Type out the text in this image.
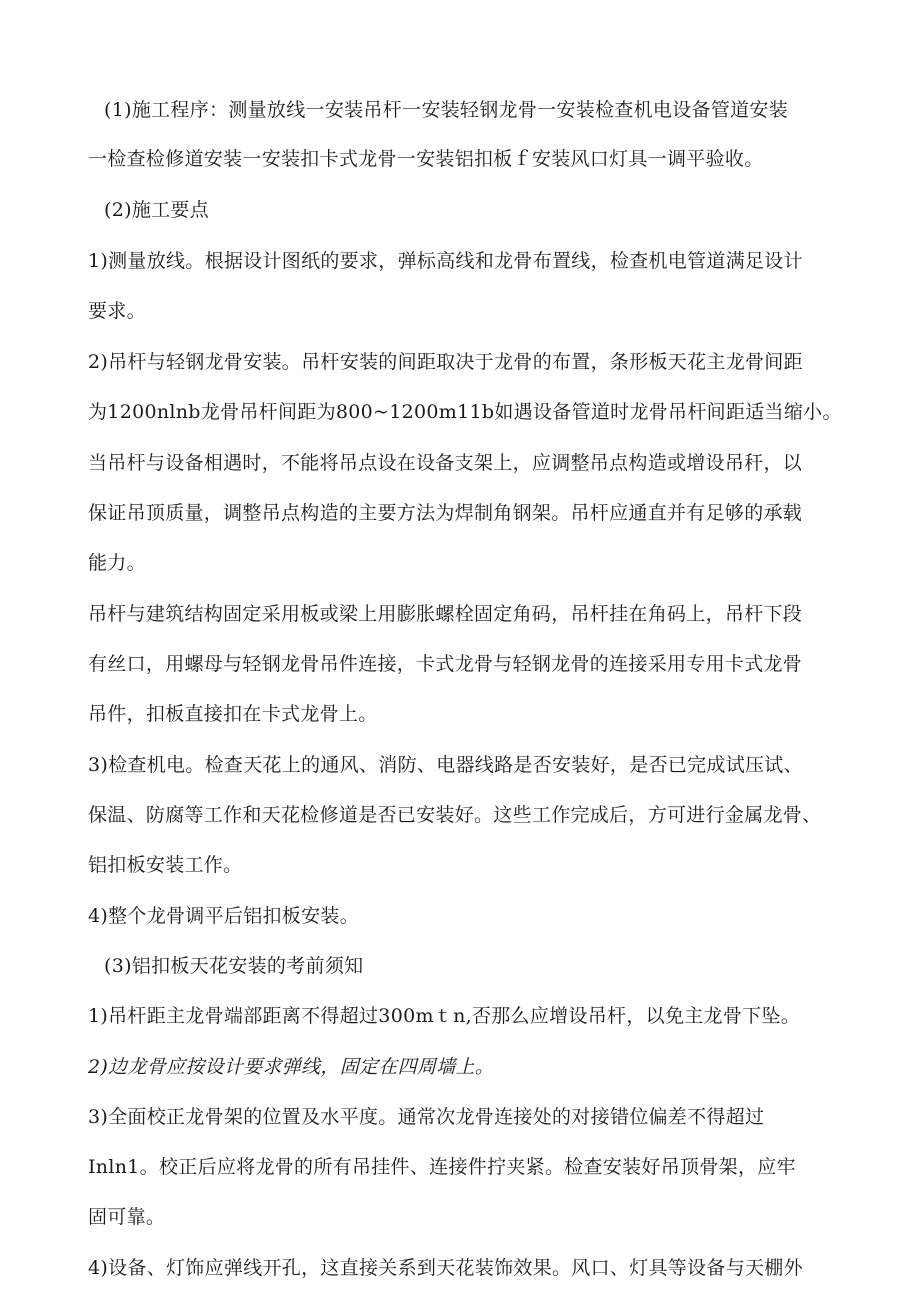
(1)施工程序：测量放线一安装吊杆一安装轻钢龙骨一安装检查机电设备管道安装

一检查检修道安装一安装扣卡式龙骨一安装铝扣板ｆ安装风口灯具一调平验收。

(2)施工要点

1)测量放线。根据设计图纸的要求，弹标高线和龙骨布置线，检查机电管道满足设计

要求。

2)吊杆与轻钢龙骨安装。吊杆安装的间距取决于龙骨的布置，条形板天花主龙骨间距

为1200nlnb龙骨吊杆间距为800~1200m11b如遇设备管道时龙骨吊杆间距适当缩小。

当吊杆与设备相遇时，不能将吊点设在设备支架上，应调整吊点构造或增设吊秆，以

保证吊顶质量，调整吊点构造的主要方法为焊制角钢架。吊杆应通直并有足够的承载

能力。

吊杆与建筑结构固定采用板或梁上用膨胀螺栓固定角码，吊杆挂在角码上，吊杆下段

有丝口，用螺母与轻钢龙骨吊件连接，卡式龙骨与轻钢龙骨的连接采用专用卡式龙骨

吊件，扣板直接扣在卡式龙骨上。

3)检查机电。检查天花上的通风、消防、电器线路是否安装好，是否已完成试压试、

保温、防腐等工作和天花检修道是否已安装好。这些工作完成后，方可进行金属龙骨、

铝扣板安装工作。

4)整个龙骨调平后铝扣板安装。

(3)铝扣板天花安装的考前须知

1)吊杆距主龙骨端部距离不得超过300mｔn,否那么应增设吊杆，以免主龙骨下坠。

2)边龙骨应按设计要求弹线，固定在四周墙上。

3)全面校正龙骨架的位置及水平度。通常次龙骨连接处的对接错位偏差不得超过

Inln1。校正后应将龙骨的所有吊挂件、连接件拧夹紧。检查安装好吊顶骨架，应牢

固可靠。

4)设备、灯饰应弹线开孔，这直接关系到天花装饰效果。风口、灯具等设备与天棚外
